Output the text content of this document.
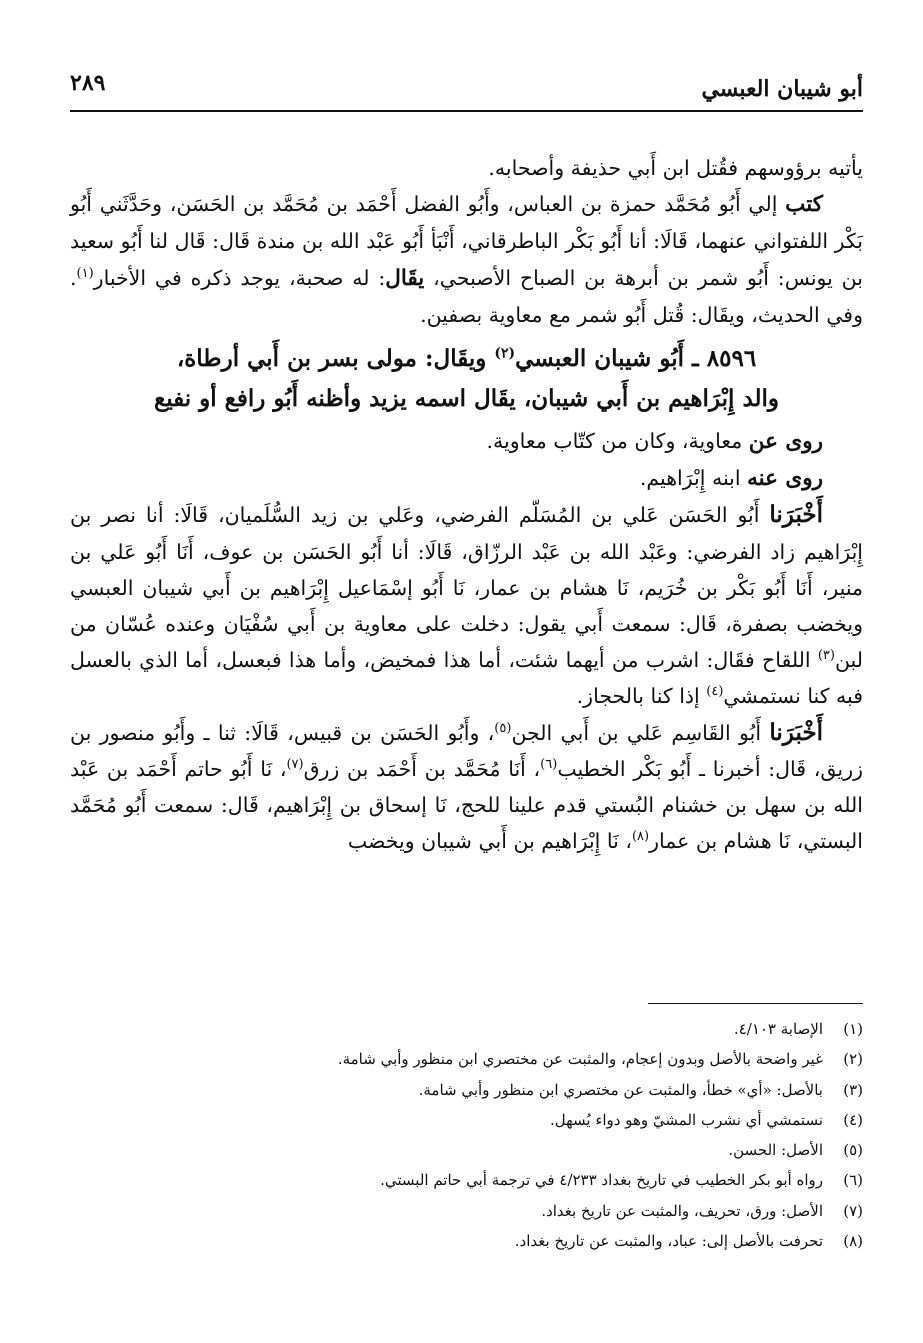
أبو شيبان العبسي
٢٨٩

يأتيه برؤوسهم فقُتل ابن أَبي حذيفة وأصحابه.

كتب إلي أَبُو مُحَمَّد حمزة بن العباس، وأَبُو الفضل أَحْمَد بن مُحَمَّد بن الحَسَن، وحَدَّثَني أَبُو بَكْر اللفتواني عنهما، قَالَا: أنا أَبُو بَكْر الباطرقاني، أَنْبَأ أَبُو عَبْد الله بن مندة قَال: قَال لنا أَبُو سعيد بن يونس: أَبُو شمر بن أبرهة بن الصباح الأصبحي، يقَال: له صحبة، يوجد ذكره في الأخبار$^{(١)}$. وفي الحديث، ويقَال: قُتل أَبُو شمر مع معاوية بصفين.

٨٥٩٦ ـ أَبُو شيبان العبسي$^{(٢)}$ ويقَال: مولى بسر بن أَبي أرطاة،
والد إِبْرَاهيم بن أَبي شيبان، يقَال اسمه يزيد وأظنه أَبُو رافع أو نفيع

روى عن معاوية، وكان من كتّاب معاوية.

روى عنه ابنه إِبْرَاهيم.

أَخْبَرَنا أَبُو الحَسَن عَلي بن المُسَلّم الفرضي، وعَلي بن زيد السُّلَميان، قَالَا: أنا نصر بن إِبْرَاهيم زاد الفرضي: وعَبْد الله بن عَبْد الرزّاق، قَالَا: أنا أَبُو الحَسَن بن عوف، أَنَا أَبُو عَلي بن منير، أَنَا أَبُو بَكْر بن خُرَيم، نَا هشام بن عمار، نَا أَبُو إسْمَاعيل إِبْرَاهيم بن أَبي شيبان العبسي ويخضب بصفرة، قَال: سمعت أَبي يقول: دخلت على معاوية بن أَبي سُفْيَان وعنده عُسّان من لبن$^{(٣)}$ اللقاح فقَال: اشرب من أيهما شئت، أما هذا فمخيض، وأما هذا فبعسل، أما الذي بالعسل فبه كنا نستمشي$^{(٤)}$ إذا كنا بالحجاز.

أَخْبَرَنا أَبُو القَاسِم عَلي بن أَبي الجن$^{(٥)}$، وأَبُو الحَسَن بن قبيس، قَالَا: ثنا ـ وأَبُو منصور بن زريق، قَال: أخبرنا ـ أَبُو بَكْر الخطيب$^{(٦)}$، أَنَا مُحَمَّد بن أَحْمَد بن زرق$^{(٧)}$، نَا أَبُو حاتم أَحْمَد بن عَبْد الله بن سهل بن خشنام البُستي قدم علينا للحج، نَا إسحاق بن إِبْرَاهيم، قَال: سمعت أَبُو مُحَمَّد البستي، نَا هشام بن عمار$^{(٨)}$، نَا إِبْرَاهيم بن أَبي شيبان ويخضب

(١)
الإصابة ٤/١٠٣.
(٢)
غير واضحة بالأصل وبدون إعجام، والمثبت عن مختصري ابن منظور وأبي شامة.
(٣)
بالأصل: «أي» خطأ، والمثبت عن مختصري ابن منظور وأبي شامة.
(٤)
نستمشي أي نشرب المشيّ وهو دواء يُسهل.
(٥)
الأصل: الحسن.
(٦)
رواه أبو بكر الخطيب في تاريخ بغداد ٤/٢٣٣ في ترجمة أبي حاتم البستي.
(٧)
الأصل: ورق، تحريف، والمثبت عن تاريخ بغداد.
(٨)
تحرفت بالأصل إلى: عباد، والمثبت عن تاريخ بغداد.
